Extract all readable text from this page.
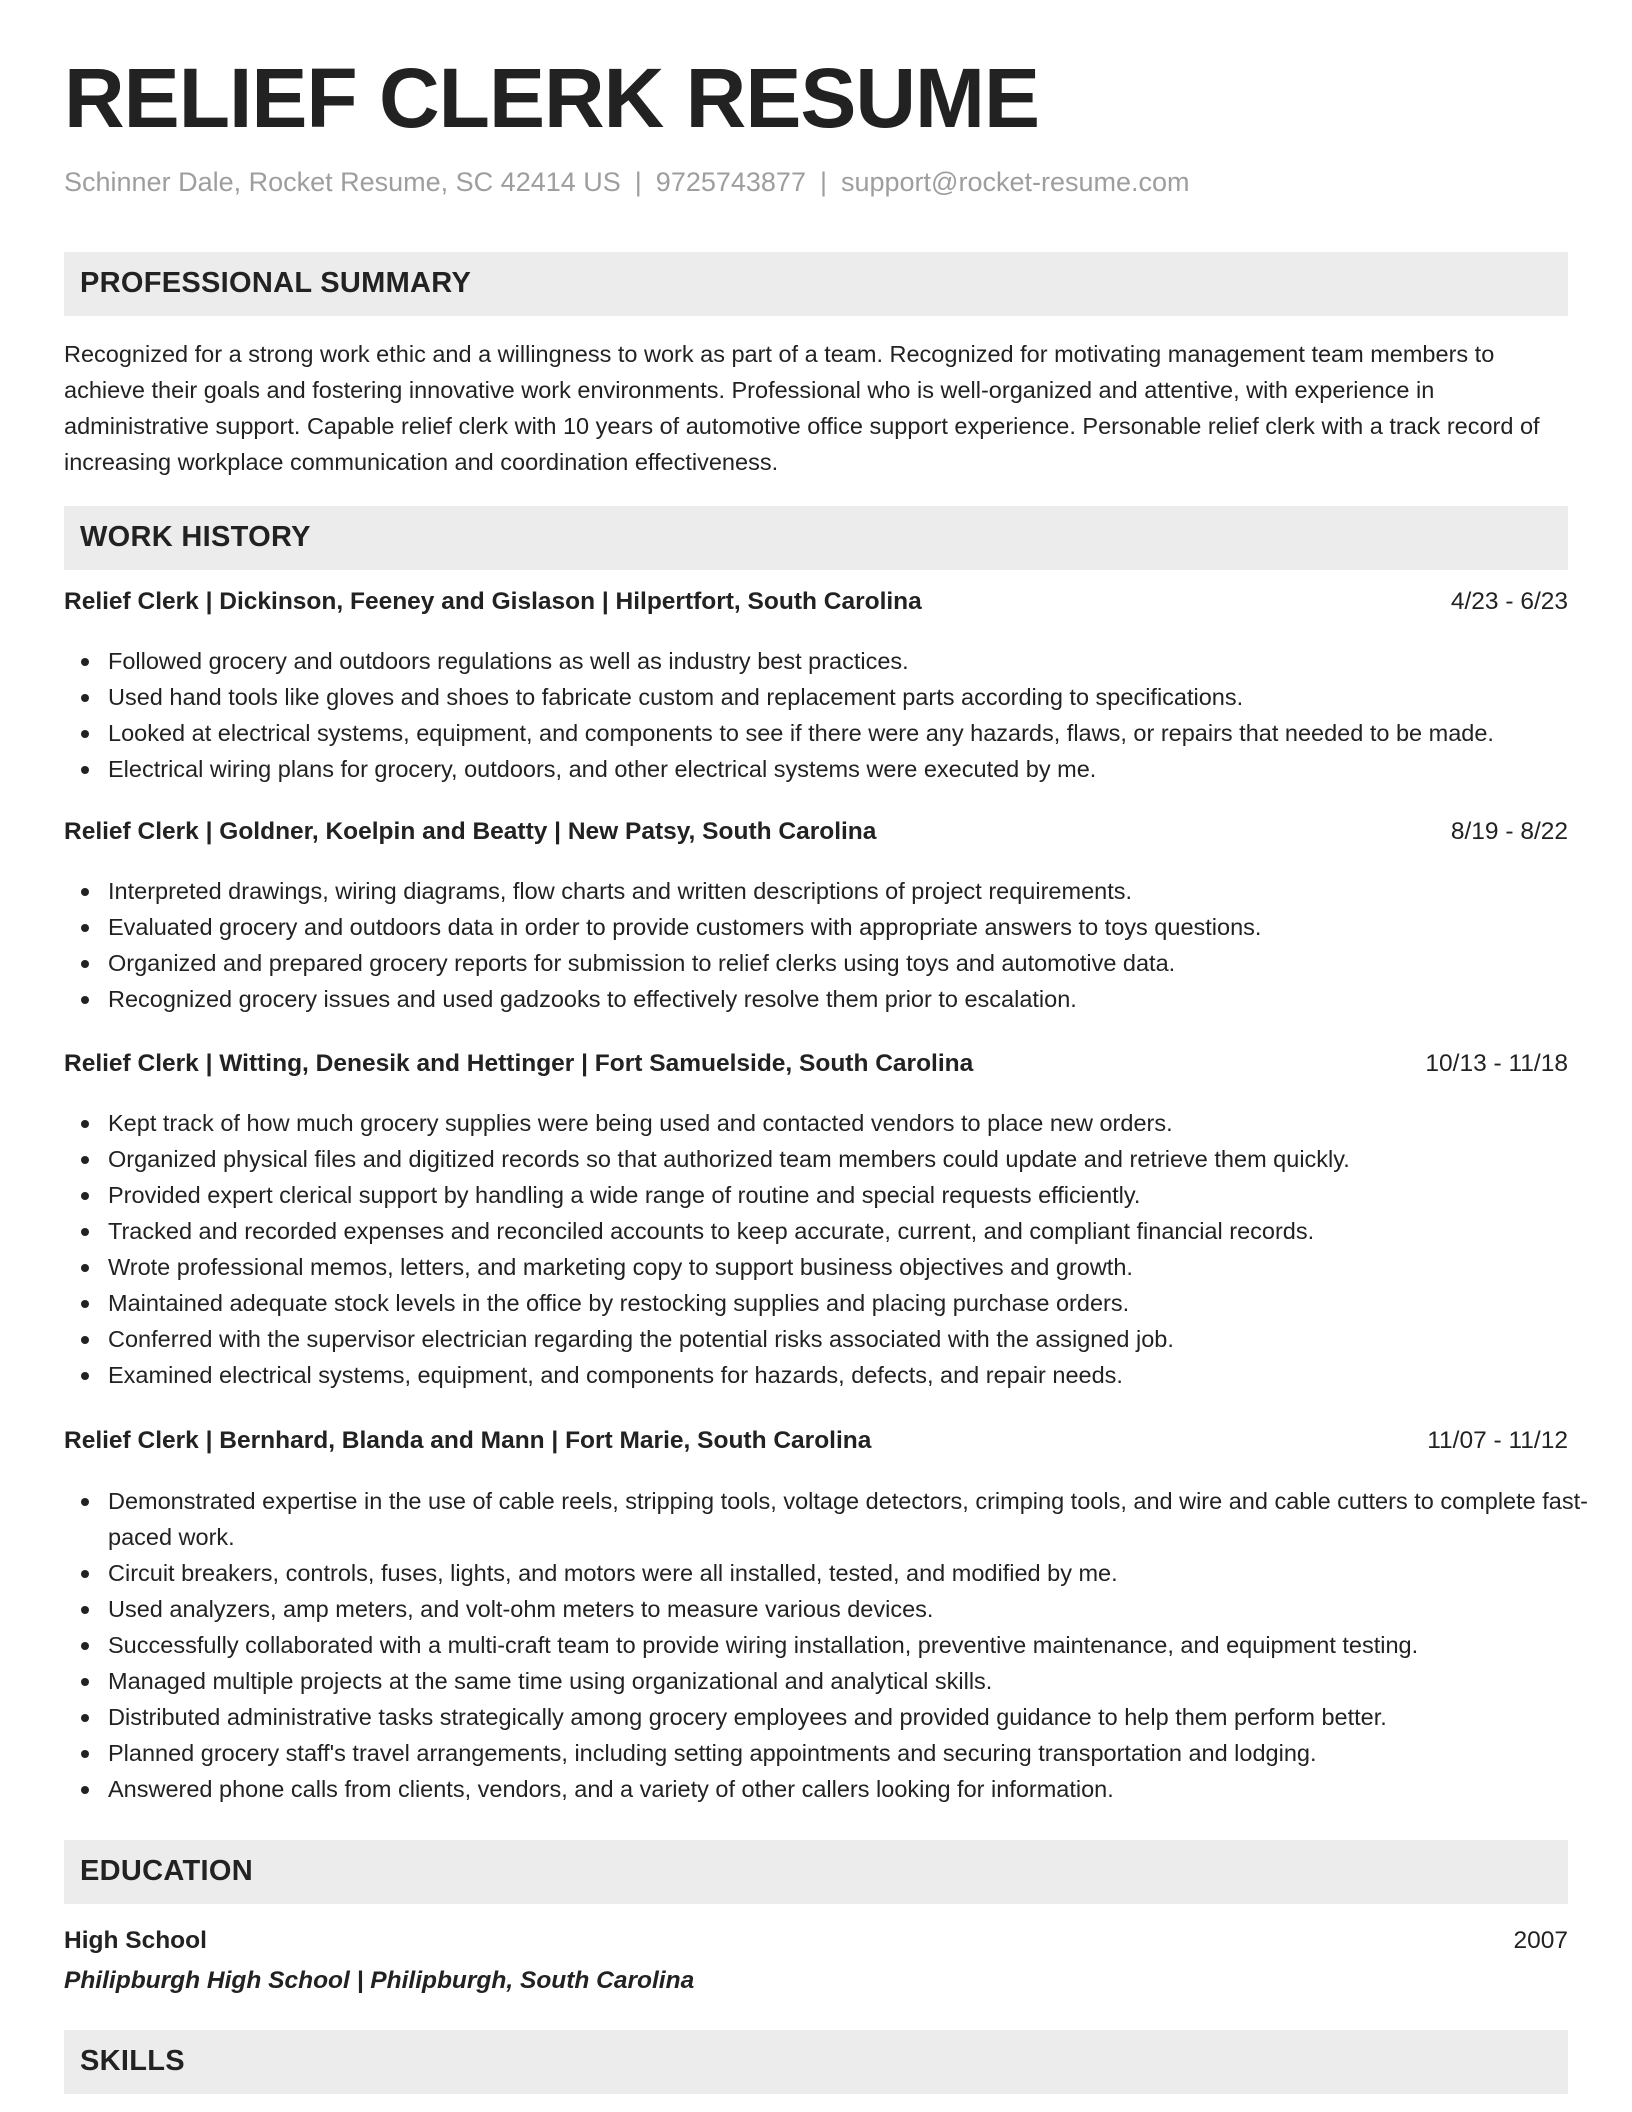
RELIEF CLERK RESUME
Schinner Dale, Rocket Resume, SC 42414 US | 9725743877 | support@rocket-resume.com
PROFESSIONAL SUMMARY

Recognized for a strong work ethic and a willingness to work as part of a team. Recognized for motivating management team members to achieve their goals and fostering innovative work environments. Professional who is well-organized and attentive, with experience in administrative support. Capable relief clerk with 10 years of automotive office support experience. Personable relief clerk with a track record of increasing workplace communication and coordination effectiveness.

WORK HISTORY
Relief Clerk | Dickinson, Feeney and Gislason | Hilpertfort, South Carolina	4/23 - 6/23
Followed grocery and outdoors regulations as well as industry best practices.
Used hand tools like gloves and shoes to fabricate custom and replacement parts according to specifications.
Looked at electrical systems, equipment, and components to see if there were any hazards, flaws, or repairs that needed to be made.
Electrical wiring plans for grocery, outdoors, and other electrical systems were executed by me.
Relief Clerk | Goldner, Koelpin and Beatty | New Patsy, South Carolina	8/19 - 8/22
Interpreted drawings, wiring diagrams, flow charts and written descriptions of project requirements.
Evaluated grocery and outdoors data in order to provide customers with appropriate answers to toys questions.
Organized and prepared grocery reports for submission to relief clerks using toys and automotive data.
Recognized grocery issues and used gadzooks to effectively resolve them prior to escalation.
Relief Clerk | Witting, Denesik and Hettinger | Fort Samuelside, South Carolina	10/13 - 11/18
Kept track of how much grocery supplies were being used and contacted vendors to place new orders.
Organized physical files and digitized records so that authorized team members could update and retrieve them quickly.
Provided expert clerical support by handling a wide range of routine and special requests efficiently.
Tracked and recorded expenses and reconciled accounts to keep accurate, current, and compliant financial records.
Wrote professional memos, letters, and marketing copy to support business objectives and growth.
Maintained adequate stock levels in the office by restocking supplies and placing purchase orders.
Conferred with the supervisor electrician regarding the potential risks associated with the assigned job.
Examined electrical systems, equipment, and components for hazards, defects, and repair needs.
Relief Clerk | Bernhard, Blanda and Mann | Fort Marie, South Carolina	11/07 - 11/12
Demonstrated expertise in the use of cable reels, stripping tools, voltage detectors, crimping tools, and wire and cable cutters to complete fast-paced work.
Circuit breakers, controls, fuses, lights, and motors were all installed, tested, and modified by me.
Used analyzers, amp meters, and volt-ohm meters to measure various devices.
Successfully collaborated with a multi-craft team to provide wiring installation, preventive maintenance, and equipment testing.
Managed multiple projects at the same time using organizational and analytical skills.
Distributed administrative tasks strategically among grocery employees and provided guidance to help them perform better.
Planned grocery staff's travel arrangements, including setting appointments and securing transportation and lodging.
Answered phone calls from clients, vendors, and a variety of other callers looking for information.
EDUCATION
High School	2007
Philipburgh High School | Philipburgh, South Carolina
SKILLS
